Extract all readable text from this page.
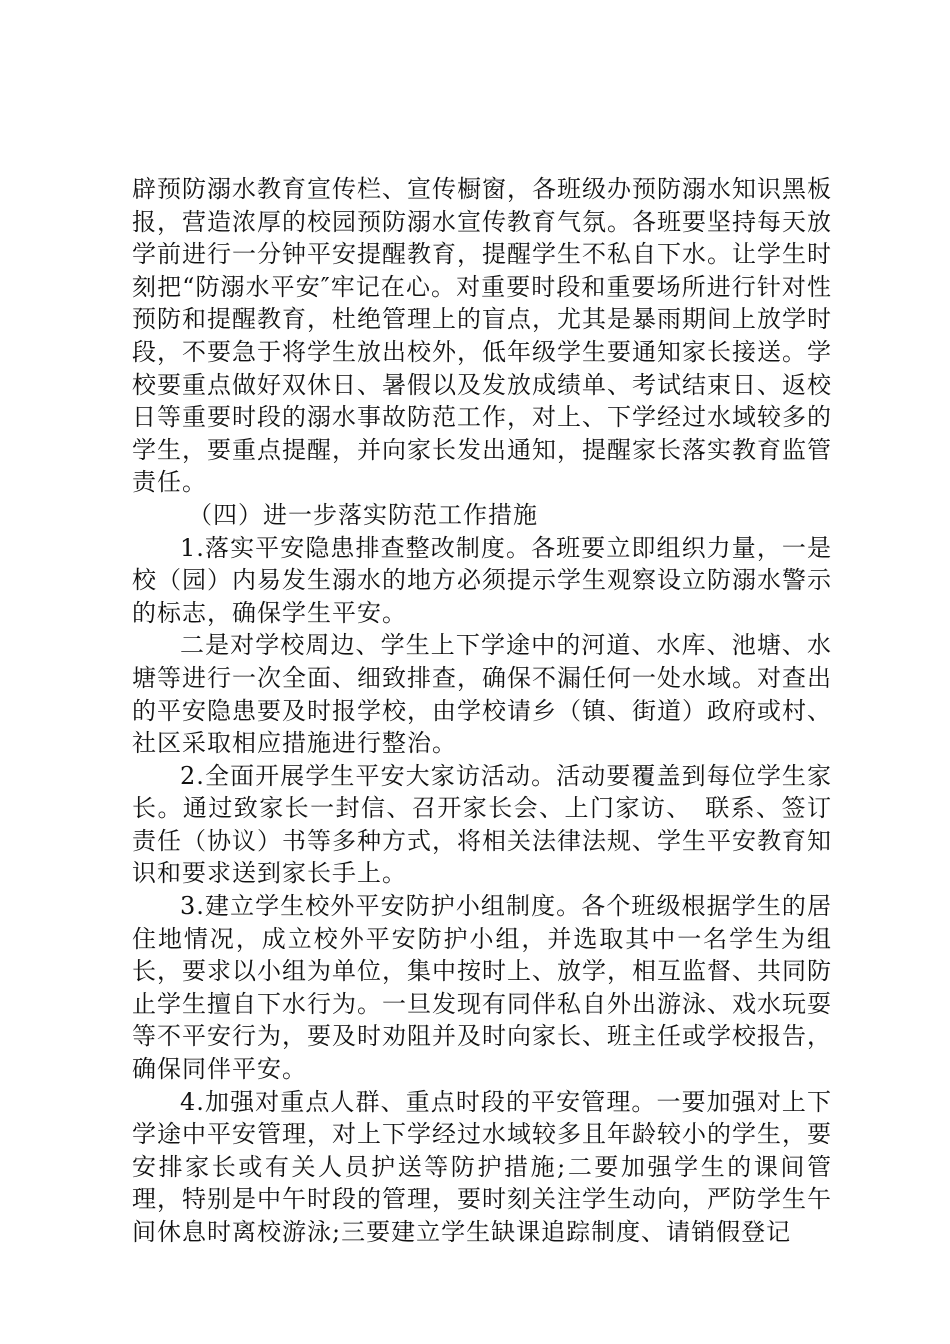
辟预防溺水教育宣传栏、宣传橱窗，各班级办预防溺水知识黑板报，营造浓厚的校园预防溺水宣传教育气氛。各班要坚持每天放学前进行一分钟平安提醒教育，提醒学生不私自下水。让学生时刻把“防溺水平安″牢记在心。对重要时段和重要场所进行针对性预防和提醒教育，杜绝管理上的盲点，尤其是暴雨期间上放学时段，不要急于将学生放出校外，低年级学生要通知家长接送。学校要重点做好双休日、暑假以及发放成绩单、考试结束日、返校日等重要时段的溺水事故防范工作，对上、下学经过水域较多的学生，要重点提醒，并向家长发出通知，提醒家长落实教育监管责任。

（四）进一步落实防范工作措施

1.落实平安隐患排查整改制度。各班要立即组织力量，一是校（园）内易发生溺水的地方必须提示学生观察设立防溺水警示的标志，确保学生平安。

二是对学校周边、学生上下学途中的河道、水库、池塘、水塘等进行一次全面、细致排查，确保不漏任何一处水域。对查出的平安隐患要及时报学校，由学校请乡（镇、街道）政府或村、社区采取相应措施进行整治。

2.全面开展学生平安大家访活动。活动要覆盖到每位学生家长。通过致家长一封信、召开家长会、上门家访、　联系、签订责任（协议）书等多种方式，将相关法律法规、学生平安教育知识和要求送到家长手上。

3.建立学生校外平安防护小组制度。各个班级根据学生的居住地情况，成立校外平安防护小组，并选取其中一名学生为组长，要求以小组为单位，集中按时上、放学，相互监督、共同防止学生擅自下水行为。一旦发现有同伴私自外出游泳、戏水玩耍等不平安行为，要及时劝阻并及时向家长、班主任或学校报告，确保同伴平安。

4.加强对重点人群、重点时段的平安管理。一要加强对上下学途中平安管理，对上下学经过水域较多且年龄较小的学生，要安排家长或有关人员护送等防护措施;二要加强学生的课间管理，特别是中午时段的管理，要时刻关注学生动向，严防学生午间休息时离校游泳;三要建立学生缺课追踪制度、请销假登记
